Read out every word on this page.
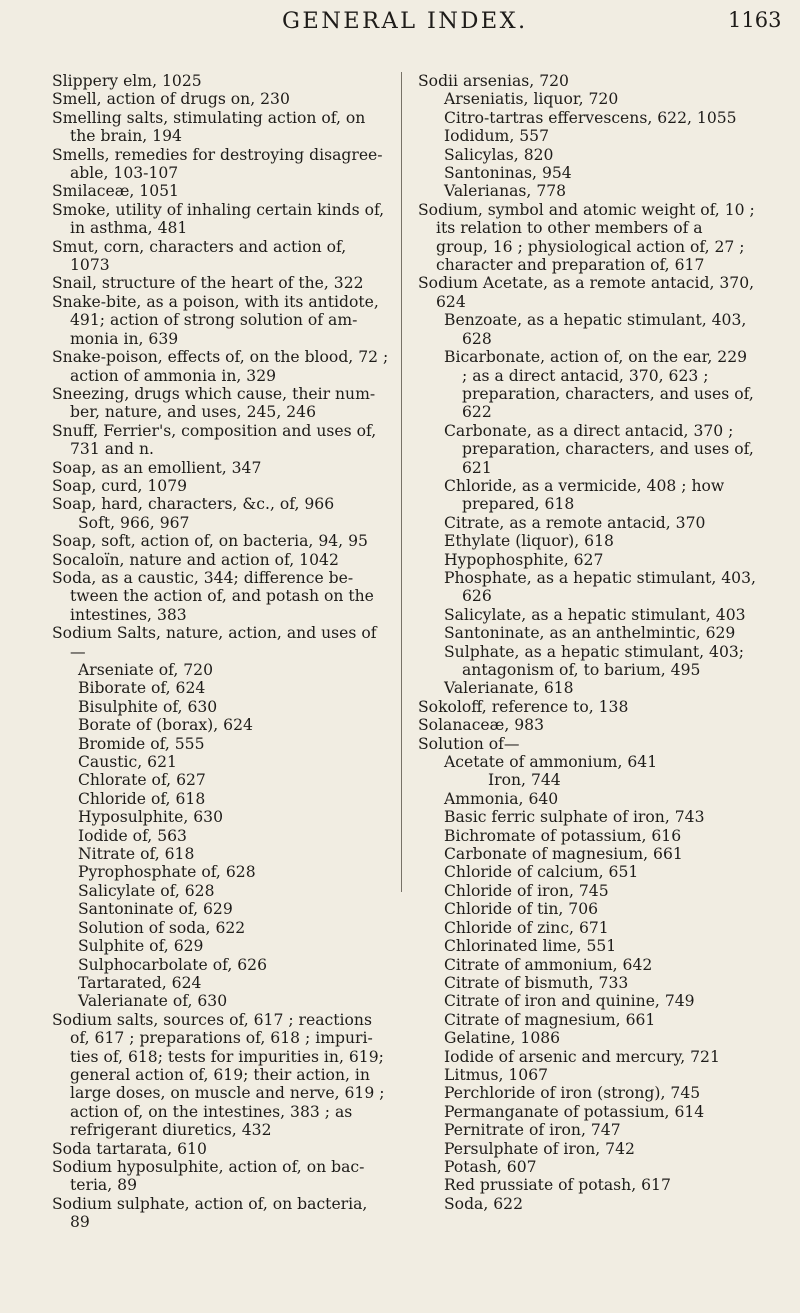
GENERAL INDEX.	1163

Slippery elm, 1025

Smell, action of drugs on, 230

Smelling salts, stimulating action of, on the brain, 194

Smells, remedies for destroying disagree-able, 103-107

Smilaceæ, 1051

Smoke, utility of inhaling certain kinds of, in asthma, 481

Smut, corn, characters and action of, 1073

Snail, structure of the heart of the, 322

Snake-bite, as a poison, with its antidote, 491; action of strong solution of am-monia in, 639

Snake-poison, effects of, on the blood, 72 ; action of ammonia in, 329

Sneezing, drugs which cause, their num-ber, nature, and uses, 245, 246

Snuff, Ferrier's, composition and uses of, 731 and n.

Soap, as an emollient, 347

Soap, curd, 1079

Soap, hard, characters, &c., of, 966

Soft, 966, 967

Soap, soft, action of, on bacteria, 94, 95

Socaloïn, nature and action of, 1042

Soda, as a caustic, 344; difference be-tween the action of, and potash on the intestines, 383

Sodium Salts, nature, action, and uses of—

Arseniate of, 720

Biborate of, 624

Bisulphite of, 630

Borate of (borax), 624

Bromide of, 555

Caustic, 621

Chlorate of, 627

Chloride of, 618

Hyposulphite, 630

Iodide of, 563

Nitrate of, 618

Pyrophosphate of, 628

Salicylate of, 628

Santoninate of, 629

Solution of soda, 622

Sulphite of, 629

Sulphocarbolate of, 626

Tartarated, 624

Valerianate of, 630

Sodium salts, sources of, 617 ; reactions of, 617 ; preparations of, 618 ; impuri-ties of, 618; tests for impurities in, 619; general action of, 619; their action, in large doses, on muscle and nerve, 619 ; action of, on the intestines, 383 ; as refrigerant diuretics, 432

Soda tartarata, 610

Sodium hyposulphite, action of, on bac-teria, 89

Sodium sulphate, action of, on bacteria, 89

Sodii arsenias, 720

Arseniatis, liquor, 720

Citro-tartras effervescens, 622, 1055

Iodidum, 557

Salicylas, 820

Santoninas, 954

Valerianas, 778

Sodium, symbol and atomic weight of, 10 ; its relation to other members of a group, 16 ; physiological action of, 27 ; character and preparation of, 617

Sodium Acetate, as a remote antacid, 370, 624

Benzoate, as a hepatic stimulant, 403, 628

Bicarbonate, action of, on the ear, 229 ; as a direct antacid, 370, 623 ; preparation, characters, and uses of, 622

Carbonate, as a direct antacid, 370 ; preparation, characters, and uses of, 621

Chloride, as a vermicide, 408 ; how prepared, 618

Citrate, as a remote antacid, 370

Ethylate (liquor), 618

Hypophosphite, 627

Phosphate, as a hepatic stimulant, 403, 626

Salicylate, as a hepatic stimulant, 403

Santoninate, as an anthelmintic, 629

Sulphate, as a hepatic stimulant, 403; antagonism of, to barium, 495

Valerianate, 618

Sokoloff, reference to, 138

Solanaceæ, 983

Solution of—

Acetate of ammonium, 641

Iron, 744

Ammonia, 640

Basic ferric sulphate of iron, 743

Bichromate of potassium, 616

Carbonate of magnesium, 661

Chloride of calcium, 651

Chloride of iron, 745

Chloride of tin, 706

Chloride of zinc, 671

Chlorinated lime, 551

Citrate of ammonium, 642

Citrate of bismuth, 733

Citrate of iron and quinine, 749

Citrate of magnesium, 661

Gelatine, 1086

Iodide of arsenic and mercury, 721

Litmus, 1067

Perchloride of iron (strong), 745

Permanganate of potassium, 614

Pernitrate of iron, 747

Persulphate of iron, 742

Potash, 607

Red prussiate of potash, 617

Soda, 622
